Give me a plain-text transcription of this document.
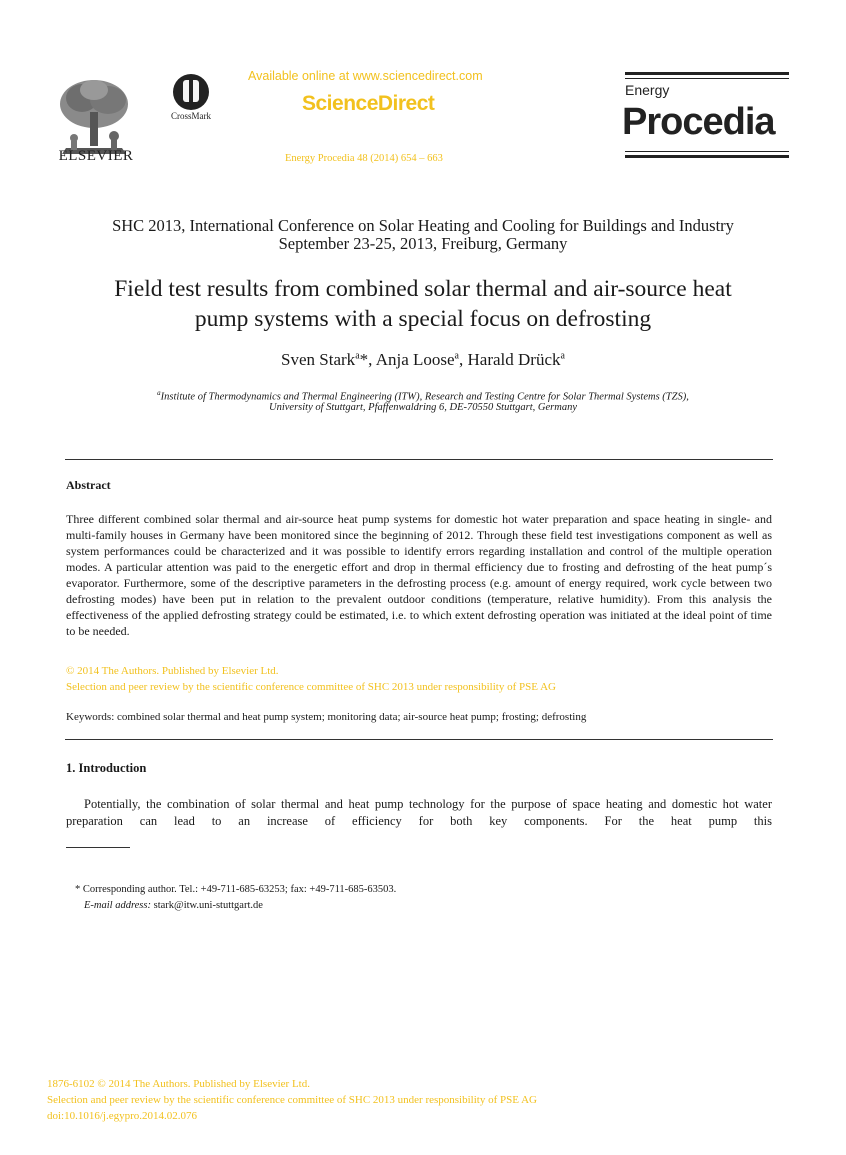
ELSEVIER
CrossMark
Available online at www.sciencedirect.com
ScienceDirect
Energy Procedia 48 (2014) 654 – 663
Energy
Procedia
SHC 2013, International Conference on Solar Heating and Cooling for Buildings and Industry
September 23-25, 2013, Freiburg, Germany
Field test results from combined solar thermal and air-source heat
pump systems with a special focus on defrosting
Sven Stark$^a$*, Anja Loose$^a$, Harald Drück$^a$
$^a$Institute of Thermodynamics and Thermal Engineering (ITW), Research and Testing Centre for Solar Thermal Systems (TZS),
University of Stuttgart, Pfaffenwaldring 6, DE-70550 Stuttgart, Germany
Abstract
Three different combined solar thermal and air-source heat pump systems for domestic hot water preparation and space heating in single- and multi-family houses in Germany have been monitored since the beginning of 2012. Through these field test investigations component as well as system performances could be characterized and it was possible to identify errors regarding installation and control of the multiple operation modes. A particular attention was paid to the energetic effort and drop in thermal efficiency due to frosting and defrosting of the heat pump´s evaporator. Furthermore, some of the descriptive parameters in the defrosting process (e.g. amount of energy required, work cycle between two defrosting modes) have been put in relation to the prevalent outdoor conditions (temperature, relative humidity). From this analysis the effectiveness of the applied defrosting strategy could be estimated, i.e. to which extent defrosting operation was initiated at the ideal point of time to be needed.
© 2014 The Authors. Published by Elsevier Ltd.
Selection and peer review by the scientific conference committee of SHC 2013 under responsibility of PSE AG
Keywords: combined solar thermal and heat pump system; monitoring data; air-source heat pump; frosting; defrosting
1. Introduction
Potentially, the combination of solar thermal and heat pump technology for the purpose of space heating and domestic hot water preparation can lead to an increase of efficiency for both key components. For the heat pump this
* Corresponding author. Tel.: +49-711-685-63253; fax: +49-711-685-63503.
E-mail address: stark@itw.uni-stuttgart.de
1876-6102 © 2014 The Authors. Published by Elsevier Ltd.
Selection and peer review by the scientific conference committee of SHC 2013 under responsibility of PSE AG
doi:10.1016/j.egypro.2014.02.076
